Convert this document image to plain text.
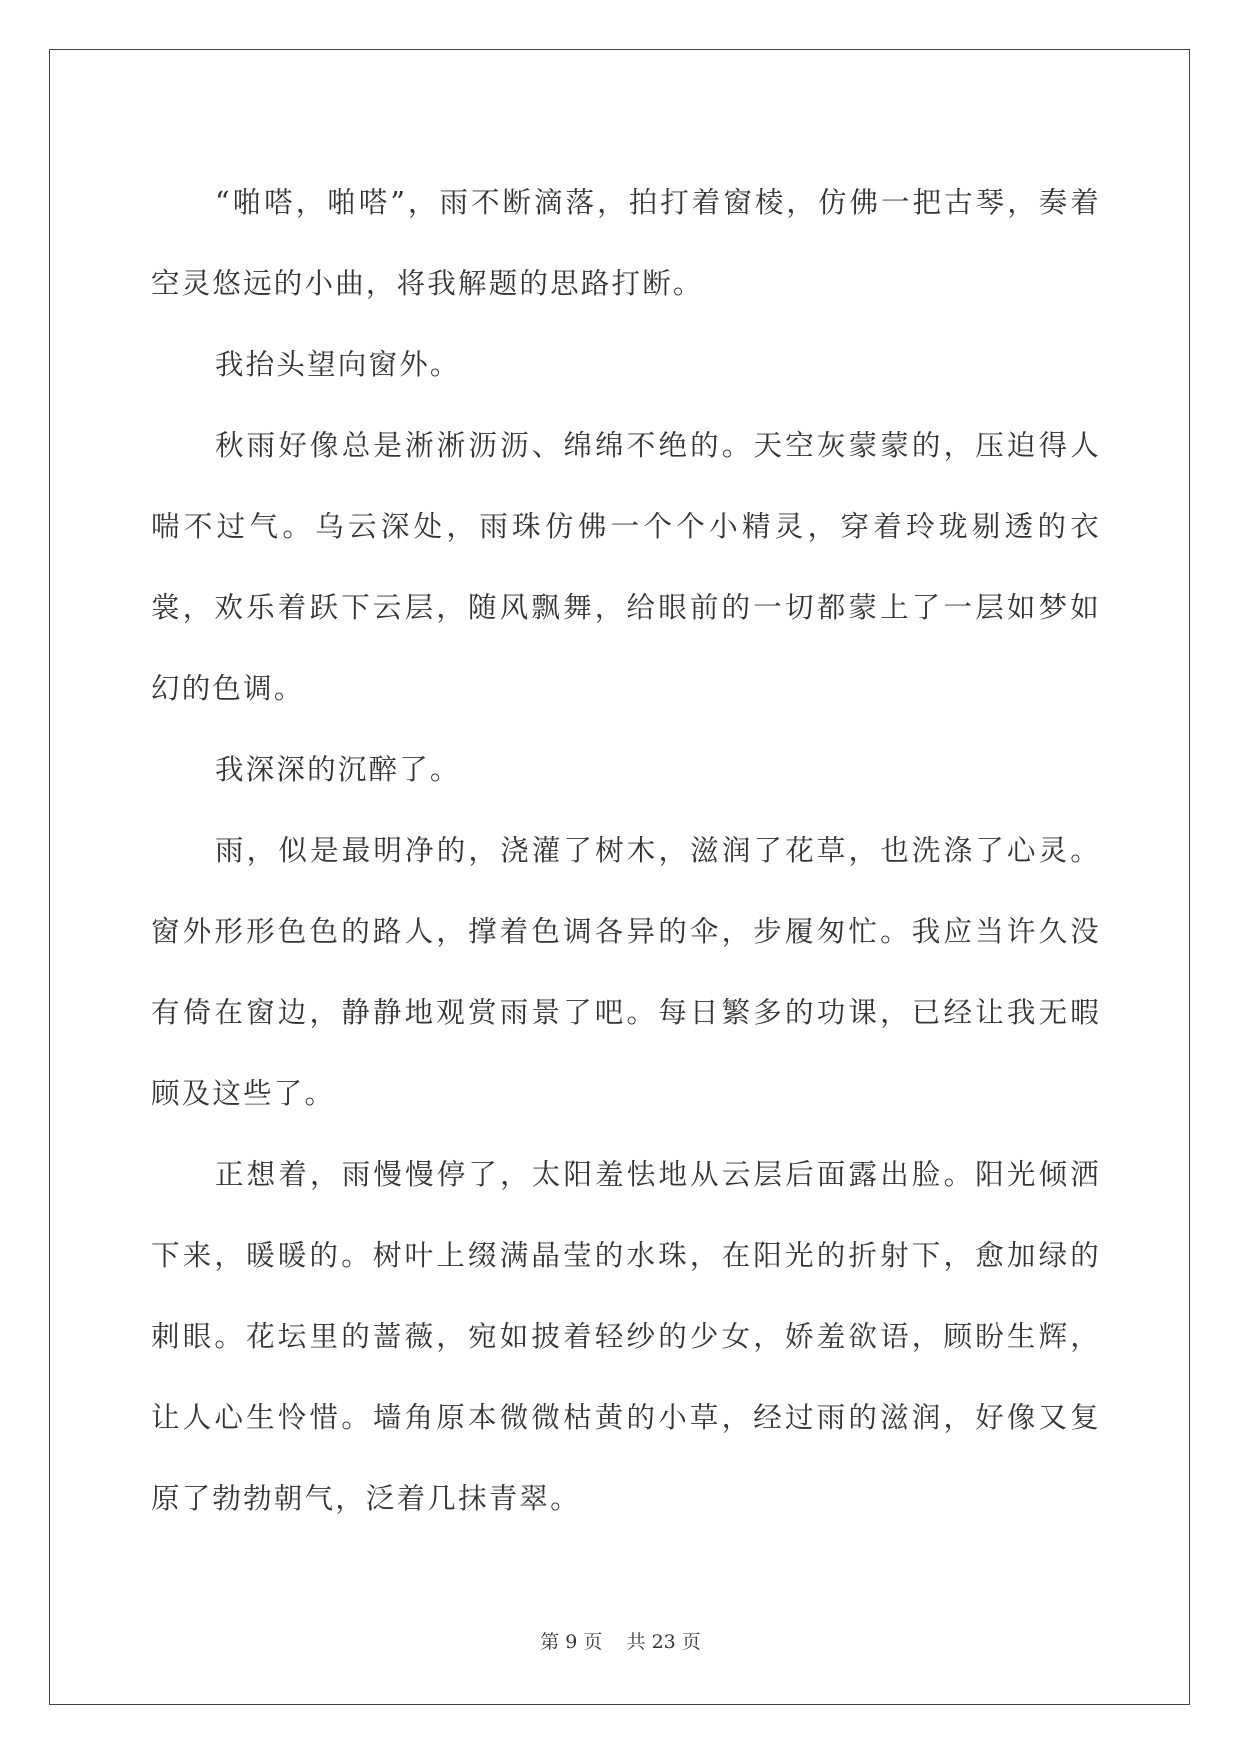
“啪嗒，啪嗒”，雨不断滴落，拍打着窗棱，仿佛一把古琴，奏着空灵悠远的小曲，将我解题的思路打断。

我抬头望向窗外。

秋雨好像总是淅淅沥沥、绵绵不绝的。天空灰蒙蒙的，压迫得人喘不过气。乌云深处，雨珠仿佛一个个小精灵，穿着玲珑剔透的衣裳，欢乐着跃下云层，随风飘舞，给眼前的一切都蒙上了一层如梦如幻的色调。

我深深的沉醉了。

雨，似是最明净的，浇灌了树木，滋润了花草，也洗涤了心灵。窗外形形色色的路人，撑着色调各异的伞，步履匆忙。我应当许久没有倚在窗边，静静地观赏雨景了吧。每日繁多的功课，已经让我无暇顾及这些了。

正想着，雨慢慢停了，太阳羞怯地从云层后面露出脸。阳光倾洒下来，暖暖的。树叶上缀满晶莹的水珠，在阳光的折射下，愈加绿的刺眼。花坛里的蔷薇，宛如披着轻纱的少女，娇羞欲语，顾盼生辉，让人心生怜惜。墙角原本微微枯黄的小草，经过雨的滋润，好像又复原了勃勃朝气，泛着几抹青翠。

第 9 页 共 23 页
